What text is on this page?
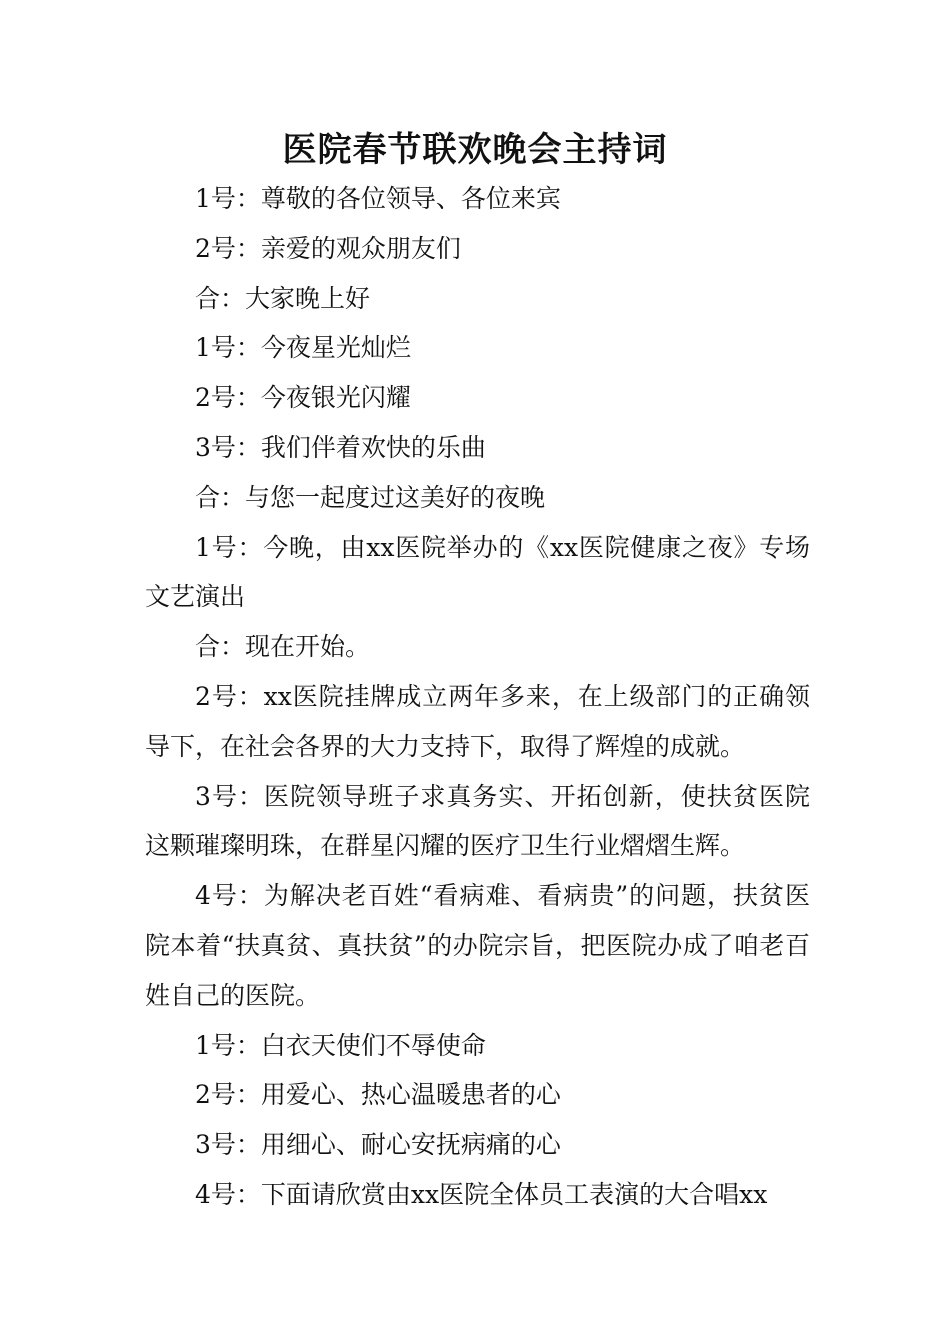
医院春节联欢晚会主持词

1号：尊敬的各位领导、各位来宾

2号：亲爱的观众朋友们

合：大家晚上好

1号：今夜星光灿烂

2号：今夜银光闪耀

3号：我们伴着欢快的乐曲

合：与您一起度过这美好的夜晚

1号：今晚，由xx医院举办的《xx医院健康之夜》专场文艺演出

合：现在开始。

2号：xx医院挂牌成立两年多来，在上级部门的正确领导下，在社会各界的大力支持下，取得了辉煌的成就。

3号：医院领导班子求真务实、开拓创新，使扶贫医院这颗璀璨明珠，在群星闪耀的医疗卫生行业熠熠生辉。

4号：为解决老百姓“看病难、看病贵”的问题，扶贫医院本着“扶真贫、真扶贫”的办院宗旨，把医院办成了咱老百姓自己的医院。

1号：白衣天使们不辱使命

2号：用爱心、热心温暖患者的心

3号：用细心、耐心安抚病痛的心

4号：下面请欣赏由xx医院全体员工表演的大合唱xx
